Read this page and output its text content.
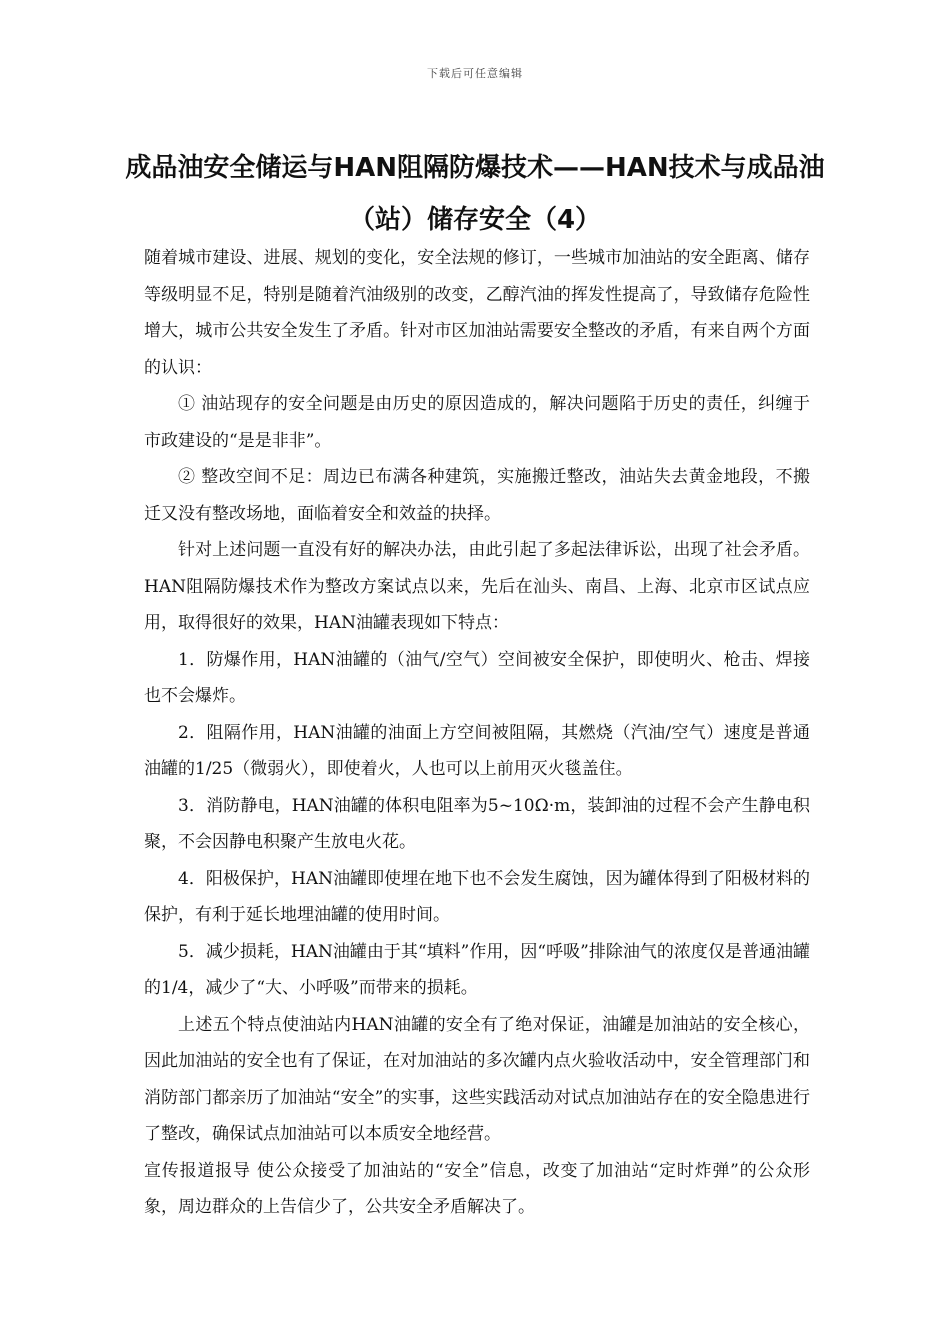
下载后可任意编辑
成品油安全储运与HAN阻隔防爆技术——HAN技术与成品油（站）储存安全（4）

随着城市建设、进展、规划的变化，安全法规的修订，一些城市加油站的安全距离、储存等级明显不足，特别是随着汽油级别的改变，乙醇汽油的挥发性提高了，导致储存危险性增大，城市公共安全发生了矛盾。针对市区加油站需要安全整改的矛盾，有来自两个方面的认识：

① 油站现存的安全问题是由历史的原因造成的，解决问题陷于历史的责任，纠缠于市政建设的“是是非非”。

② 整改空间不足：周边已布满各种建筑，实施搬迁整改，油站失去黄金地段，不搬迁又没有整改场地，面临着安全和效益的抉择。

针对上述问题一直没有好的解决办法，由此引起了多起法律诉讼，出现了社会矛盾。HAN阻隔防爆技术作为整改方案试点以来，先后在汕头、南昌、上海、北京市区试点应用，取得很好的效果，HAN油罐表现如下特点：

1．防爆作用，HAN油罐的（油气/空气）空间被安全保护，即使明火、枪击、焊接也不会爆炸。

2．阻隔作用，HAN油罐的油面上方空间被阻隔，其燃烧（汽油/空气）速度是普通油罐的1/25（微弱火），即使着火，人也可以上前用灭火毯盖住。

3．消防静电，HAN油罐的体积电阻率为5~10Ω·m，装卸油的过程不会产生静电积聚，不会因静电积聚产生放电火花。

4．阳极保护，HAN油罐即使埋在地下也不会发生腐蚀，因为罐体得到了阳极材料的保护，有利于延长地埋油罐的使用时间。

5．减少损耗，HAN油罐由于其“填料”作用，因“呼吸”排除油气的浓度仅是普通油罐的1/4，减少了“大、小呼吸”而带来的损耗。

上述五个特点使油站内HAN油罐的安全有了绝对保证，油罐是加油站的安全核心，因此加油站的安全也有了保证，在对加油站的多次罐内点火验收活动中，安全管理部门和消防部门都亲历了加油站“安全”的实事，这些实践活动对试点加油站存在的安全隐患进行了整改，确保试点加油站可以本质安全地经营。

宣传报道报导 使公众接受了加油站的“安全”信息，改变了加油站“定时炸弹”的公众形象，周边群众的上告信少了，公共安全矛盾解决了。
